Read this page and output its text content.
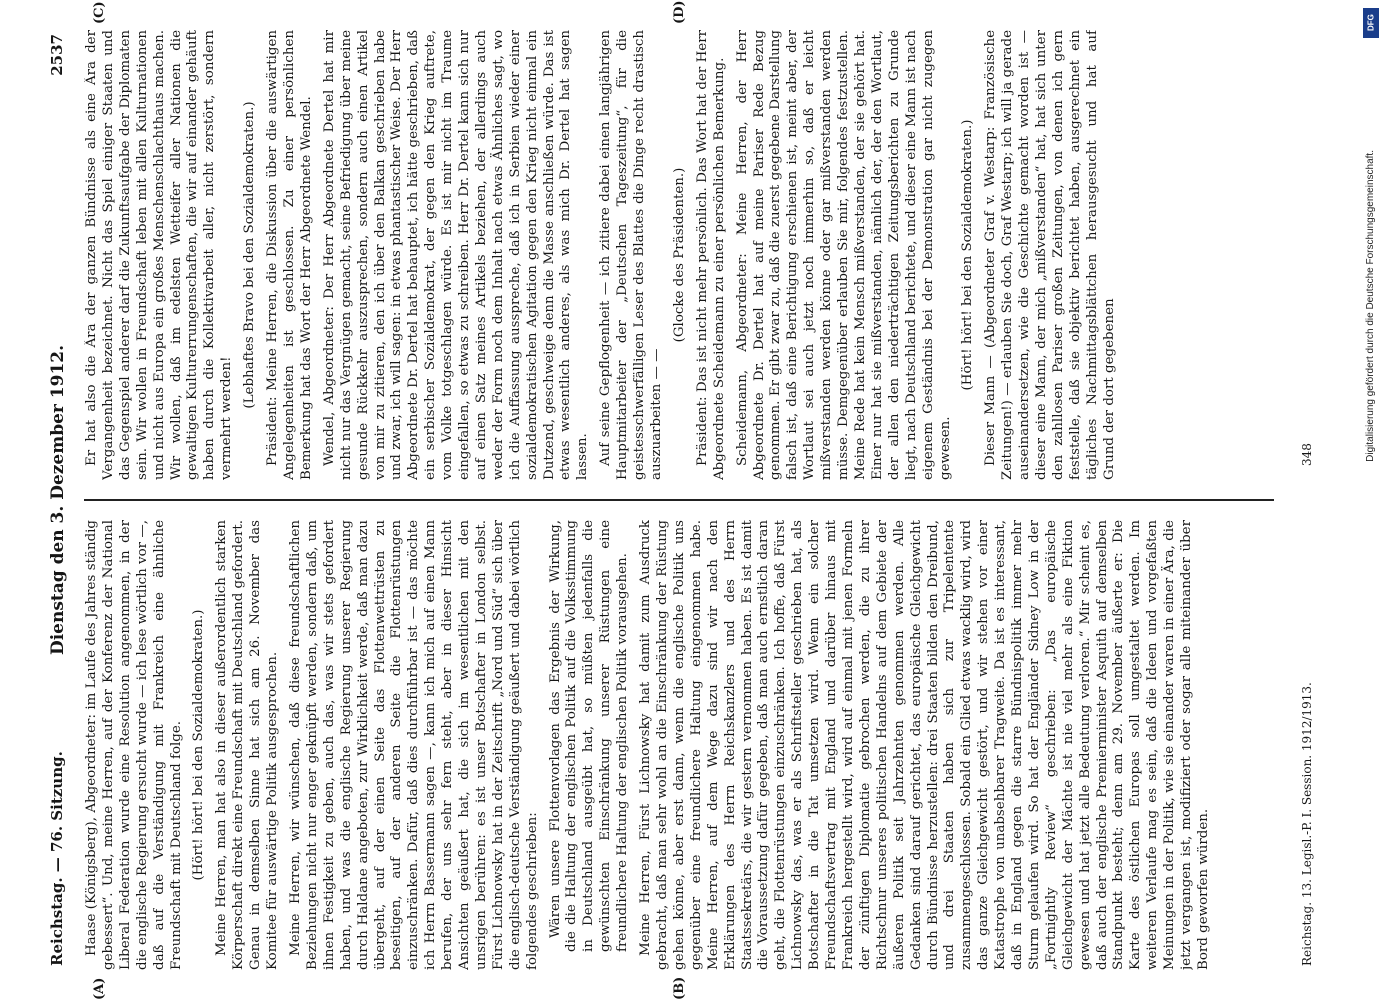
DFG
Digitalisierung gefördert durch die Deutsche Forschungsgemeinschaft.
Reichstag. — 76. Sitzung.
Dienstag den 3. Dezember 1912.
2537
(A)	(B)

Haase (Königsberg), Abgeordneter: im Laufe des Jahres ständig gebessert“. Und, meine Herren, auf der Konferenz der National Liberal Federation wurde eine Resolution angenommen, in der die englische Regierung ersucht wurde — ich lese wörtlich vor —, daß auf die Verständigung mit Frankreich eine ähnliche Freundschaft mit Deutschland folge. (Hört! hört! bei den Sozialdemokraten.) Meine Herren, man hat also in dieser außerordentlich starken Körperschaft direkt eine Freundschaft mit Deutschland gefordert. Genau in demselben Sinne hat sich am 26. November das Komitee für auswärtige Politik ausgesprochen. Meine Herren, wir wünschen, daß diese freundschaftlichen Beziehungen nicht nur enger geknüpft werden, sondern daß, um ihnen Festigkeit zu geben, auch das, was wir stets gefordert haben, und was die englische Regierung unserer Regierung durch Haldane angeboten, zur Wirklichkeit werde, daß man dazu übergeht, auf der einen Seite das Flottenwettrüsten zu beseitigen, auf der anderen Seite die Flottenrüstungen einzuschränken. Dafür, daß dies durchführbar ist — das möchte ich Herrn Bassermann sagen —, kann ich mich auf einen Mann berufen, der uns sehr fern steht, aber in dieser Hinsicht Ansichten geäußert hat, die sich im wesentlichen mit den unsrigen berühren: es ist unser Botschafter in London selbst. Fürst Lichnowsky hat in der Zeitschrift „Nord und Süd“ sich über die englisch-deutsche Verständigung geäußert und dabei wörtlich folgendes geschrieben: Wären unsere Flottenvorlagen das Ergebnis der Wirkung, die die Haltung der englischen Politik auf die Volksstimmung in Deutschland ausgeübt hat, so müßten jedenfalls die gewünschten Einschränkung unserer Rüstungen eine freundlichere Haltung der englischen Politik vorausgehen. Meine Herren, Fürst Lichnowsky hat damit zum Ausdruck gebracht, daß man sehr wohl an die Einschränkung der Rüstung gehen könne, aber erst dann, wenn die englische Politik uns gegenüber eine freundlichere Haltung eingenommen habe. Meine Herren, auf dem Wege dazu sind wir nach den Erklärungen des Herrn Reichskanzlers und des Herrn Staatssekretärs, die wir gestern vernommen haben. Es ist damit die Voraussetzung dafür gegeben, daß man auch ernstlich daran geht, die Flottenrüstungen einzuschränken. Ich hoffe, daß Fürst Lichnowsky das, was er als Schriftsteller geschrieben hat, als Botschafter in die Tat umsetzen wird. Wenn ein solcher Freundschaftsvertrag mit England und darüber hinaus mit Frankreich hergestellt wird, wird auf einmal mit jenen Formeln der zünftigen Diplomatie gebrochen werden, die zu ihrer Richtschnur unseres politischen Handelns auf dem Gebiete der äußeren Politik seit Jahrzehnten genommen werden. Alle Gedanken sind darauf gerichtet, das europäische Gleichgewicht durch Bündnisse herzustellen: drei Staaten bilden den Dreibund, und drei Staaten haben sich zur Tripelentente zusammengeschlossen. Sobald ein Glied etwas wacklig wird, wird das ganze Gleichgewicht gestört, und wir stehen vor einer Katastrophe von unabsehbarer Tragweite. Da ist es interessant, daß in England gegen die starre Bündnispolitik immer mehr Sturm gelaufen wird. So hat der Engländer Sidney Low in der „Fortnightly Review“ geschrieben: „Das europäische Gleichgewicht der Mächte ist nie viel mehr als eine Fiktion gewesen und hat jetzt alle Bedeutung verloren.“ Mir scheint es, daß auch der englische Premierminister Asquith auf demselben Standpunkt besteht; denn am 29. November äußerte er: Die Karte des östlichen Europas soll umgestaltet werden. Im weiteren Verlaufe mag es sein, daß die Ideen und vorgefaßten Meinungen in der Politik, wie sie einander waren in einer Ära, die jetzt vergangen ist, modifiziert oder sogar alle miteinander über Bord geworfen würden.

Er hat also die Ära der ganzen Bündnisse als eine Ära der Vergangenheit bezeichnet. Nicht das Spiel einiger Staaten und das Gegenspiel anderer darf die Zukunftsaufgabe der Diplomaten sein. Wir wollen in Freundschaft leben mit allen Kulturnationen und nicht aus Europa ein großes Menschenschlachthaus machen. Wir wollen, daß im edelsten Wetteifer aller Nationen die gewaltigen Kulturerrungenschaften, die wir auf einander gehäuft haben durch die Kollektivarbeit aller, nicht zerstört, sondern vermehrt werden!

(Lebhaftes Bravo bei den Sozialdemokraten.) Präsident: Meine Herren, die Diskussion über die auswärtigen Angelegenheiten ist geschlossen. Zu einer persönlichen Bemerkung hat das Wort der Herr Abgeordnete Wendel. Wendel, Abgeordneter: Der Herr Abgeordnete Dertel hat mir nicht nur das Vergnügen gemacht, seine Befriedigung über meine gesunde Rückkehr auszusprechen, sondern auch einen Artikel von mir zu zitieren, den ich über den Balkan geschrieben habe und zwar, ich will sagen: in etwas phantastischer Weise. Der Herr Abgeordnete Dr. Dertel hat behauptet, ich hätte geschrieben, daß ein serbischer Sozialdemokrat, der gegen den Krieg auftrete, vom Volke totgeschlagen würde. Es ist mir nicht im Traume eingefallen, so etwas zu schreiben. Herr Dr. Dertel kann sich nur auf einen Satz meines Artikels beziehen, der allerdings auch weder der Form noch dem Inhalt nach etwas Ähnliches sagt, wo ich die Auffassung ausspreche, daß ich in Serbien wieder einer sozialdemokratischen Agitation gegen den Krieg nicht einmal ein Dutzend, geschweige denn die Masse anschließen würde. Das ist etwas wesentlich anderes, als was mich Dr. Dertel hat sagen lassen. Auf seine Gepflogenheit — ich zitiere dabei einen langjährigen Hauptmitarbeiter der „Deutschen Tageszeitung“, für die geistesschwerfälligen Leser des Blattes die Dinge recht drastisch auszuarbeiten — —

(Glocke des Präsidenten.) Präsident: Das ist nicht mehr persönlich. Das Wort hat der Herr Abgeordnete Scheidemann zu einer persönlichen Bemerkung. Scheidemann, Abgeordneter: Meine Herren, der Herr Abgeordnete Dr. Dertel hat auf meine Pariser Rede Bezug genommen. Er gibt zwar zu, daß die zuerst gegebene Darstellung falsch ist, daß eine Berichtigung erschienen ist, meint aber, der Wortlaut sei auch jetzt noch immerhin so, daß er leicht mißverstanden werden könne oder gar mißverstanden werden müsse. Demgegenüber erlauben Sie mir, folgendes festzustellen. Meine Rede hat kein Mensch mißverstanden, der sie gehört hat. Einer nur hat sie mißverstanden, nämlich der, der den Wortlaut, der allen den niederträchtigen Zeitungsberichten zu Grunde liegt, nach Deutschland berichtete, und dieser eine Mann ist nach eigenem Geständnis bei der Demonstration gar nicht zugegen gewesen.

(Hört! hört! bei den Sozialdemokraten.) Dieser Mann — (Abgeordneter Graf v. Westarp: Französische Zeitungen!) — erlauben Sie doch, Graf Westarp; ich will ja gerade auseinandersetzen, wie die Geschichte gemacht worden ist — dieser eine Mann, der mich „mißverstanden“ hat, hat sich unter den zahllosen Pariser großen Zeitungen, von denen ich gern feststelle, daß sie objektiv berichtet haben, ausgerechnet ein tägliches Nachmittagsblättchen herausgesucht und hat auf Grund der dort gegebenen

(C)	(D)
Reichstag. 13. Legisl.-P. I. Session. 1912/1913.
348
